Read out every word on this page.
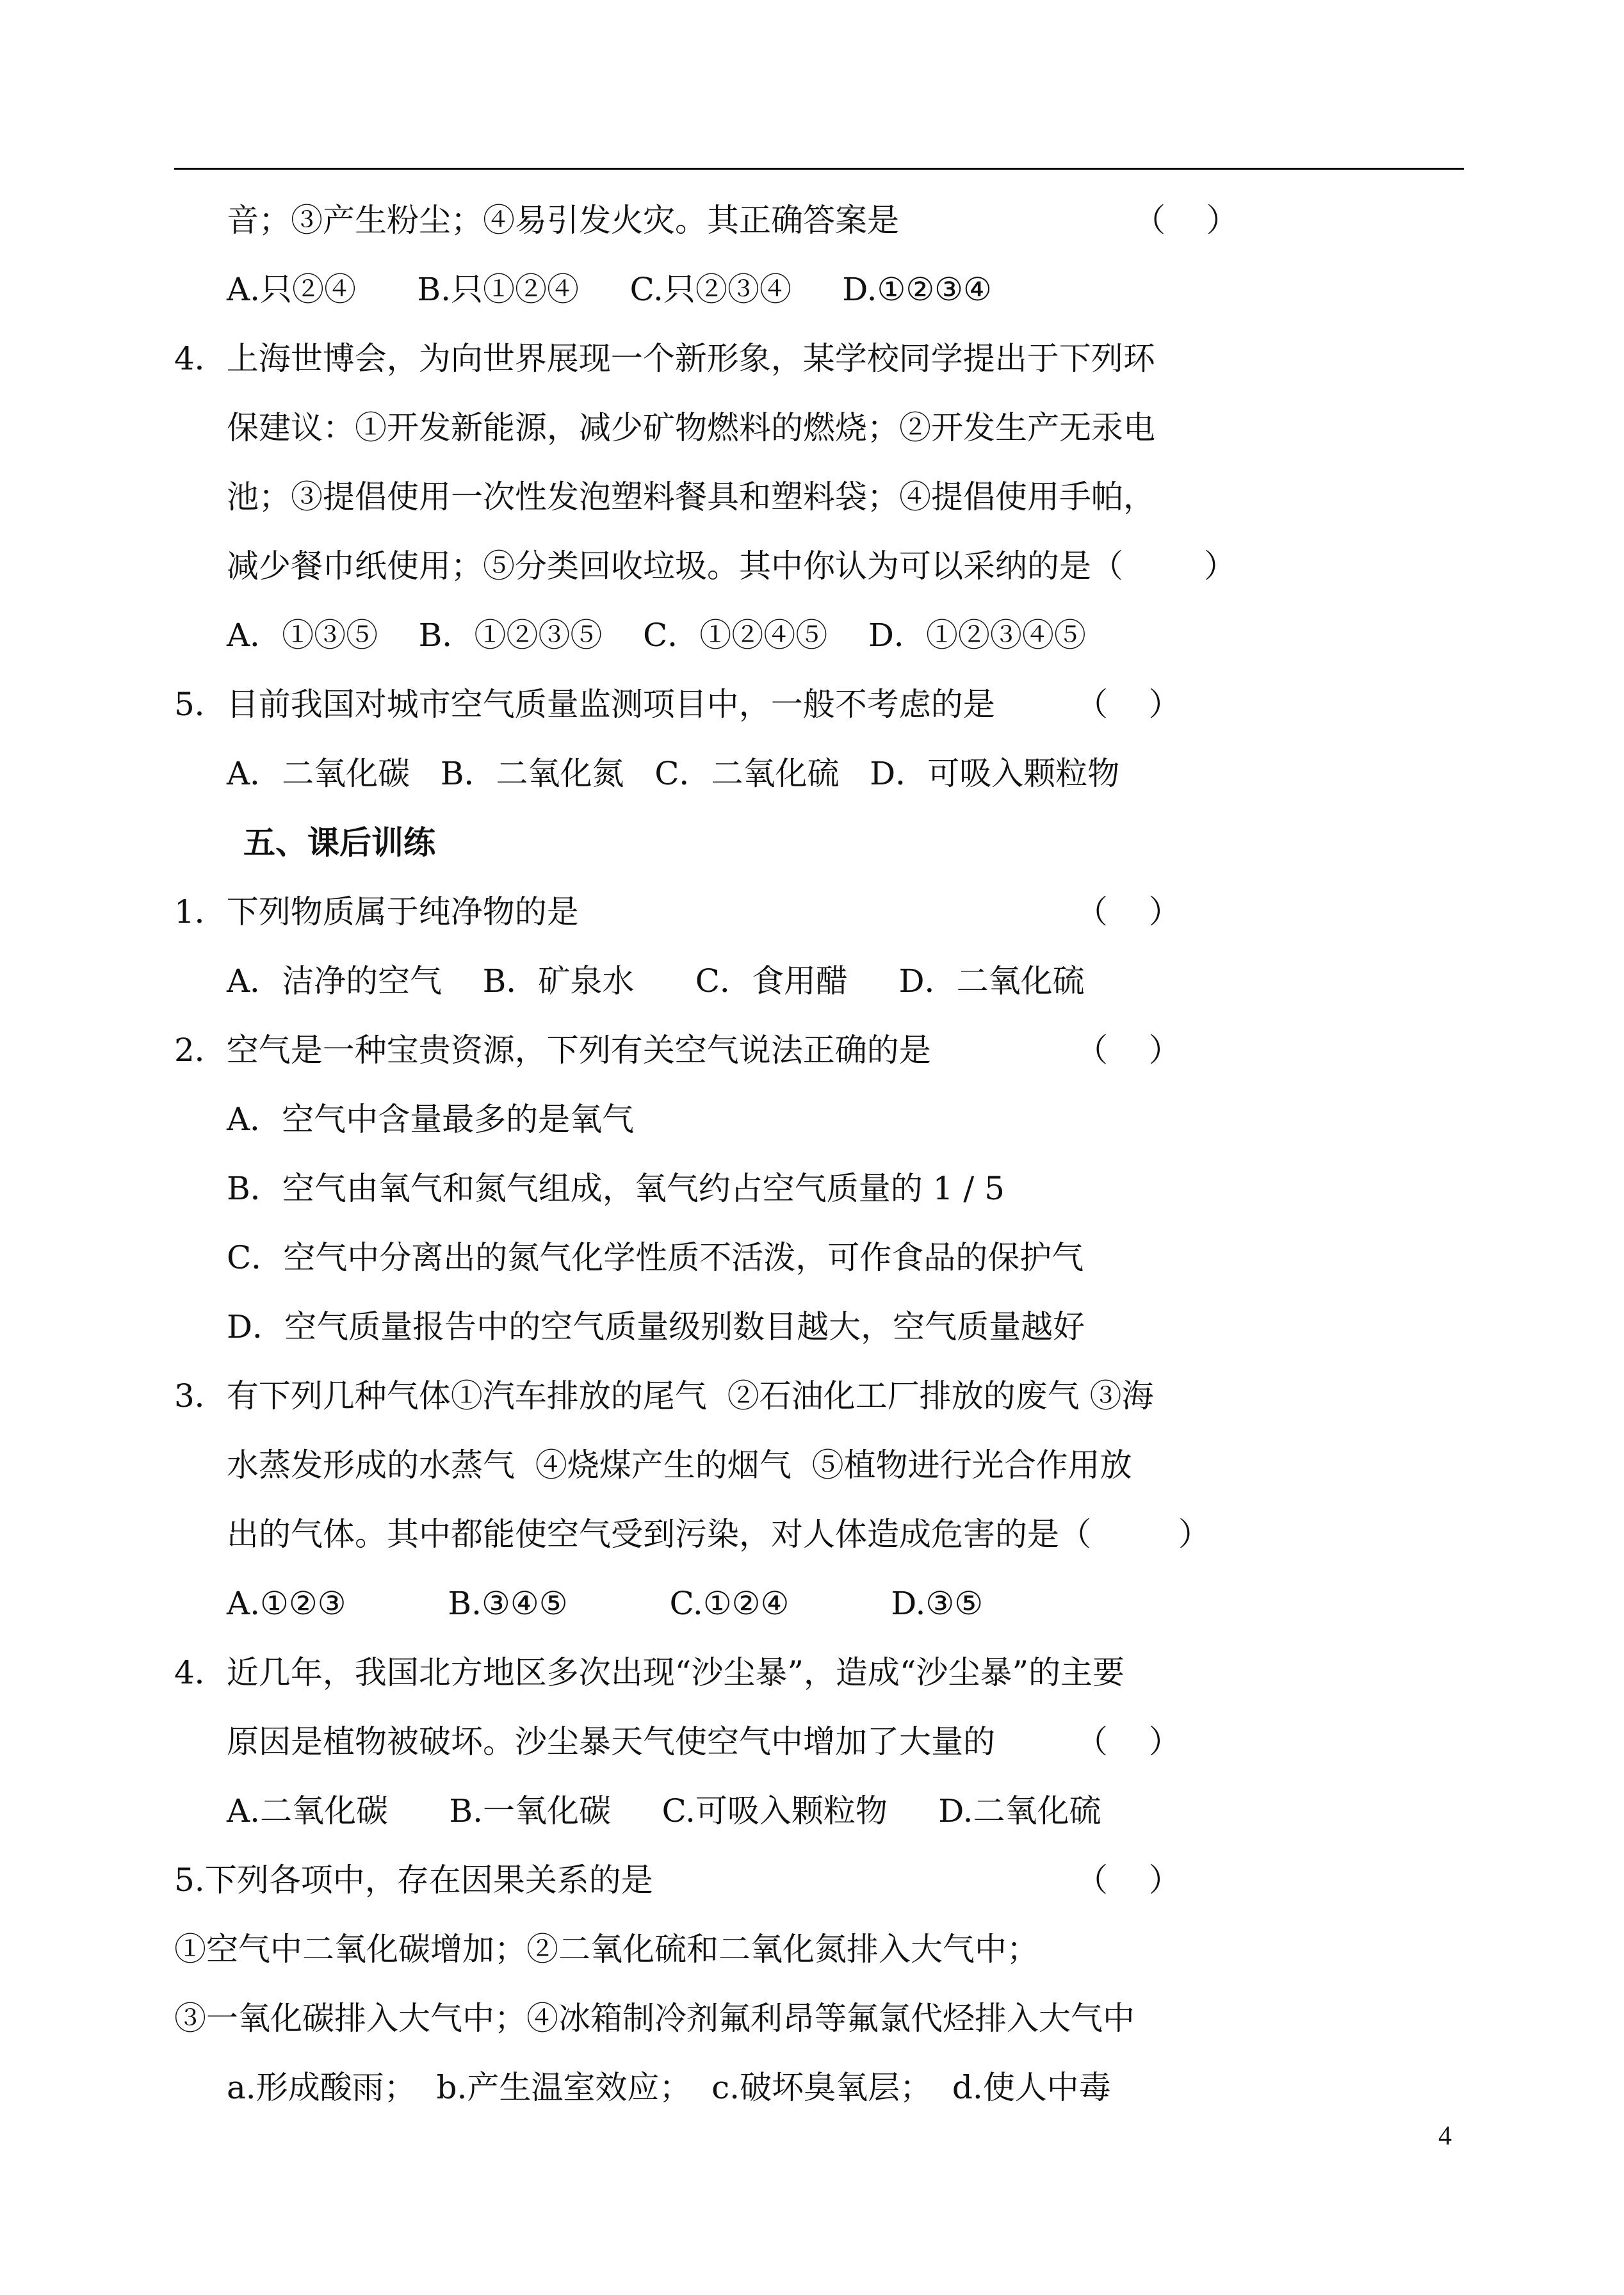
音；③产生粉尘；④易引发火灾。其正确答案是	（    ）
A.只②④      B.只①②④     C.只②③④     D.①②③④
4．上海世博会，为向世界展现一个新形象，某学校同学提出于下列环
保建议：①开发新能源，减少矿物燃料的燃烧；②开发生产无汞电
池；③提倡使用一次性发泡塑料餐具和塑料袋；④提倡使用手帕，
减少餐巾纸使用；⑤分类回收垃圾。其中你认为可以采纳的是（	）
A．①③⑤    B．①②③⑤    C．①②④⑤    D．①②③④⑤
5．目前我国对城市空气质量监测项目中，一般不考虑的是	（    ）
A．二氧化碳   B．二氧化氮   C．二氧化硫   D．可吸入颗粒物
五、课后训练
1．下列物质属于纯净物的是	（    ）
A．洁净的空气    B．矿泉水      C．食用醋     D．二氧化硫
2．空气是一种宝贵资源，下列有关空气说法正确的是	（    ）
A．空气中含量最多的是氧气
B．空气由氧气和氮气组成，氧气约占空气质量的 1 / 5
C．空气中分离出的氮气化学性质不活泼，可作食品的保护气
D．空气质量报告中的空气质量级别数目越大，空气质量越好
3．有下列几种气体①汽车排放的尾气  ②石油化工厂排放的废气 ③海
水蒸发形成的水蒸气  ④烧煤产生的烟气  ⑤植物进行光合作用放
出的气体。其中都能使空气受到污染，对人体造成危害的是（	）
A.①②③          B.③④⑤          C.①②④          D.③⑤
4．近几年，我国北方地区多次出现“沙尘暴”，造成“沙尘暴”的主要
原因是植物被破坏。沙尘暴天气使空气中增加了大量的	（    ）
A.二氧化碳      B.一氧化碳     C.可吸入颗粒物     D.二氧化硫
5.下列各项中，存在因果关系的是	（    ）
①空气中二氧化碳增加；②二氧化硫和二氧化氮排入大气中；
③一氧化碳排入大气中；④冰箱制冷剂氟利昂等氟氯代烃排入大气中
a.形成酸雨；  b.产生温室效应；  c.破坏臭氧层；  d.使人中毒
4
